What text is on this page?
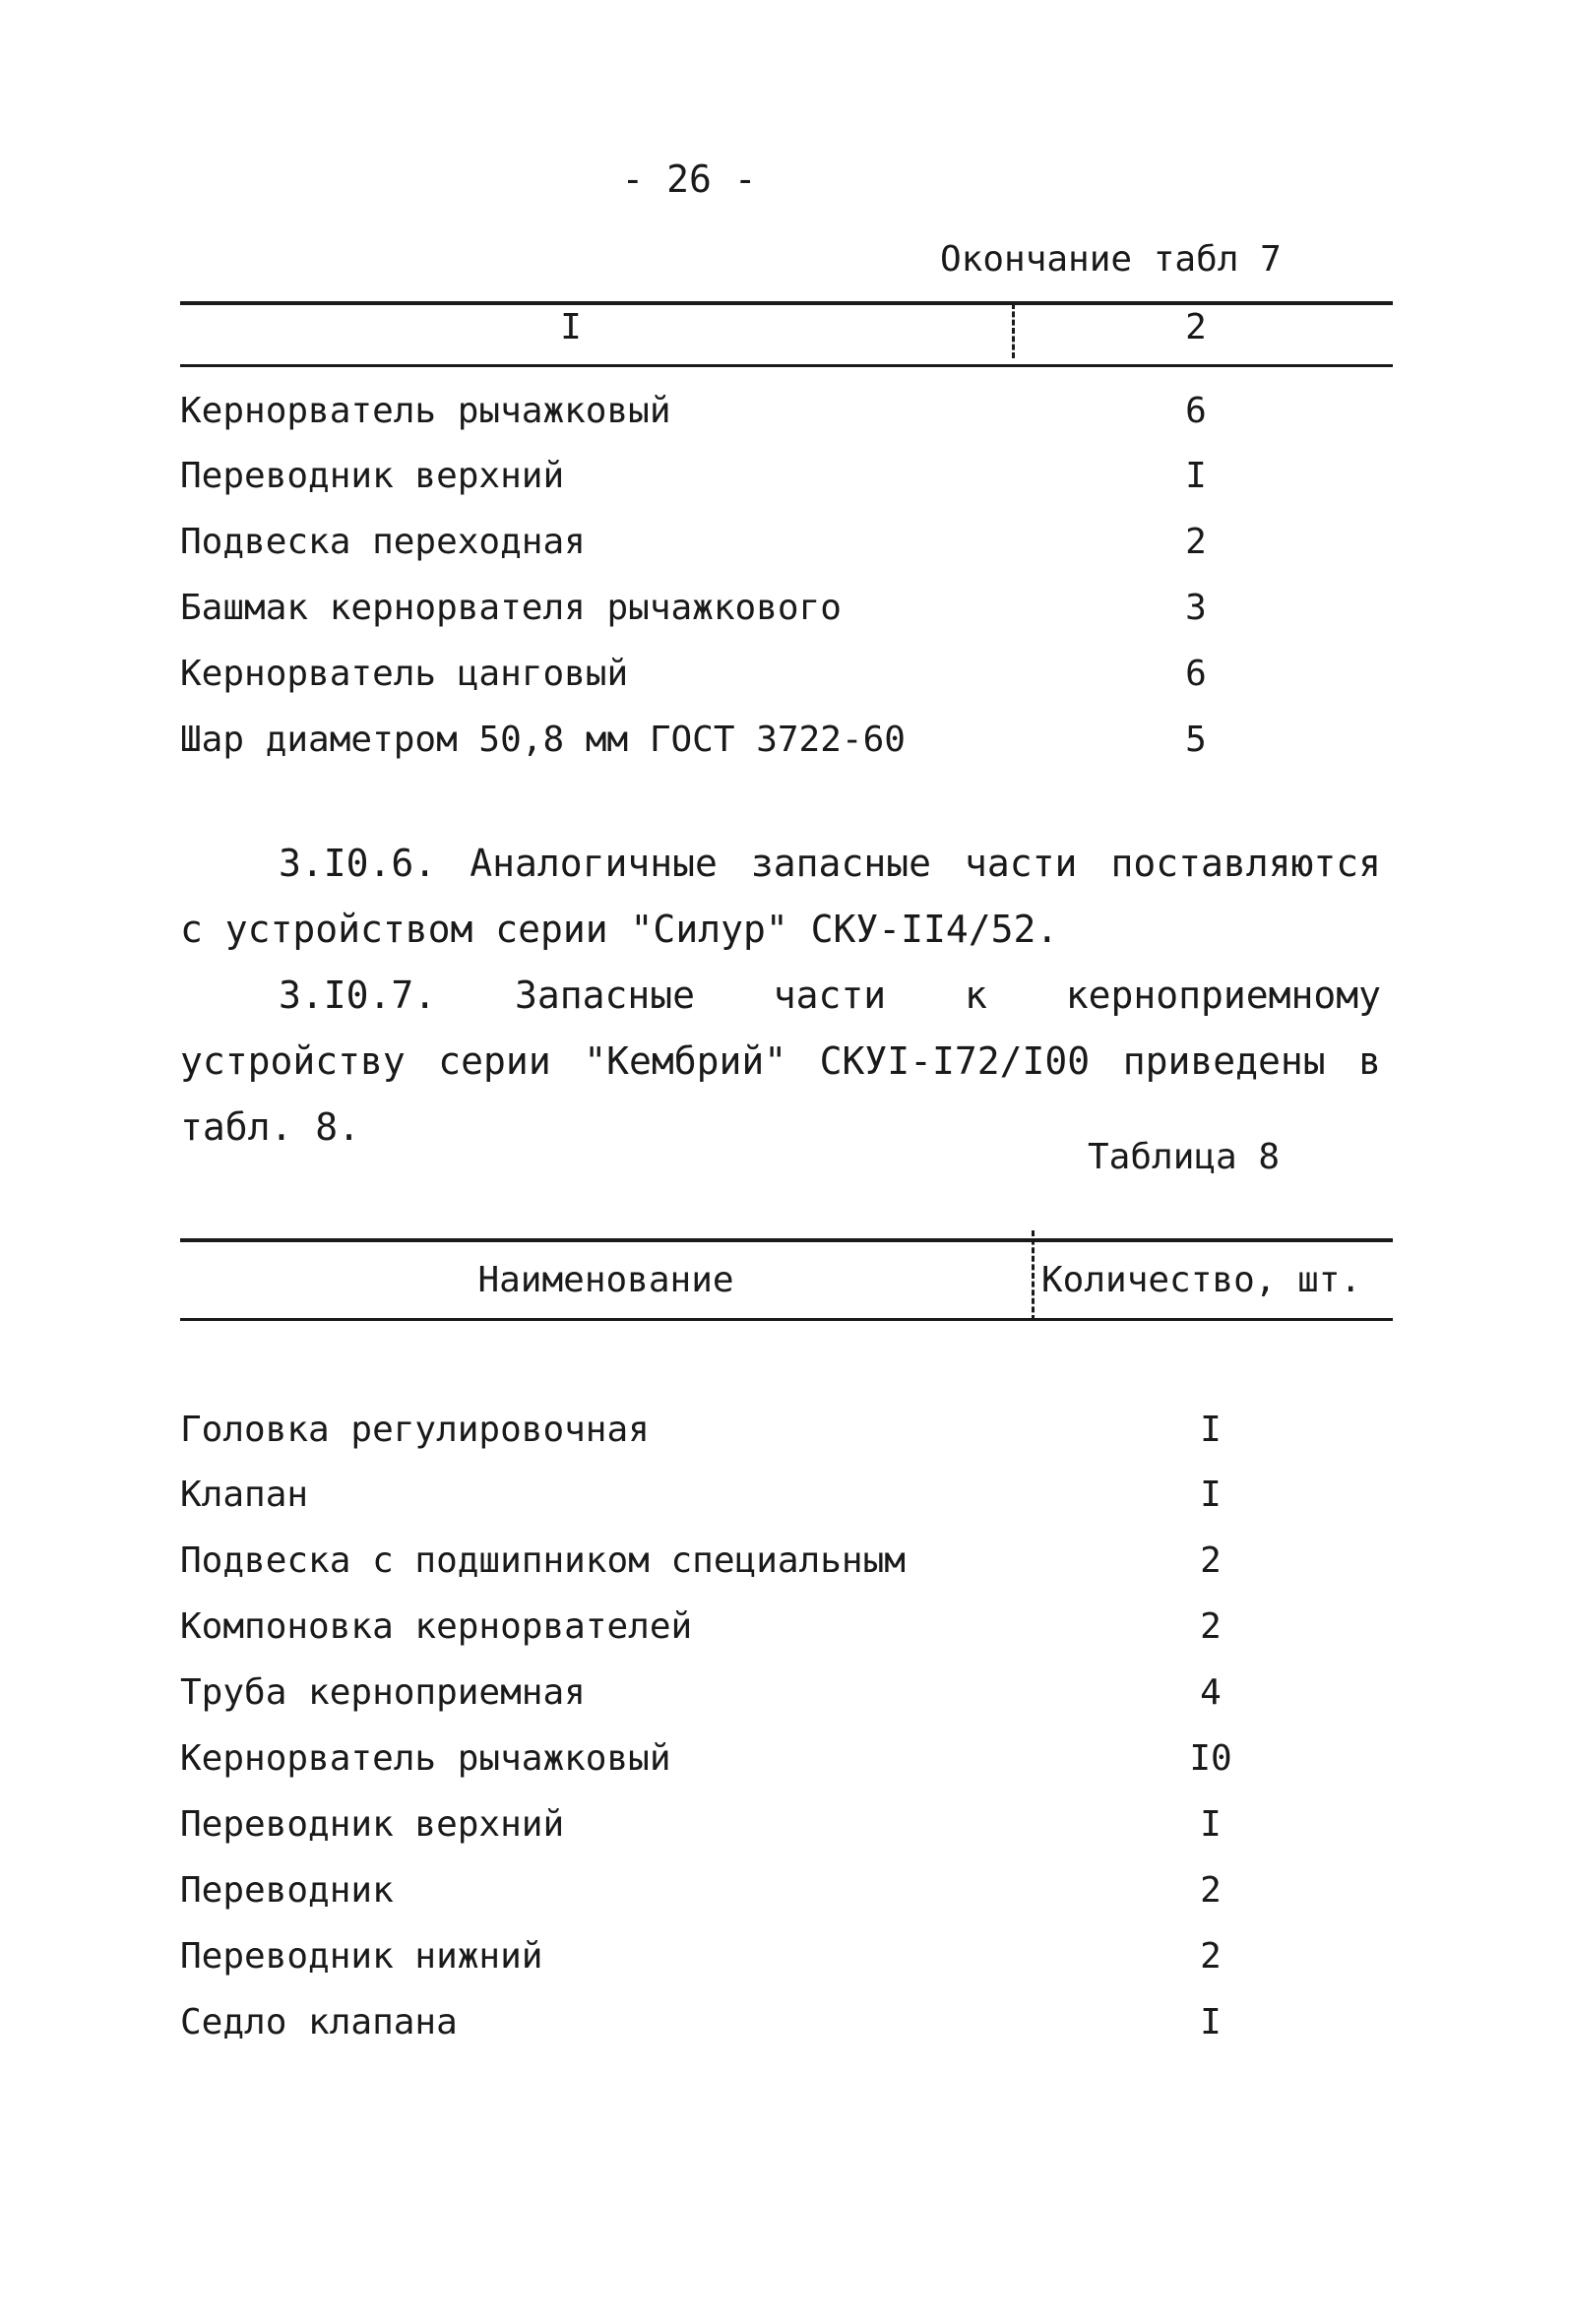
- 26 -
Окончание табл 7
I	2
Кернорватель рычажковый	6
Переводник верхний	I
Подвеска переходная	2
Башмак кернорвателя рычажкового	3
Кернорватель цанговый	6
Шар диаметром 50,8 мм ГОСТ 3722-60	5
3.I0.6. Аналогичные запасные части поставляются с устройством серии "Силур" СКУ-II4/52.
3.I0.7. Запасные части к керноприемному устройству серии "Кембрий" СКУI-I72/I00 приведены в табл. 8.
Таблица 8
Наименование	Количество, шт.
Головка регулировочная	I
Клапан	I
Подвеска с подшипником специальным	2
Компоновка кернорвателей	2
Труба керноприемная	4
Кернорватель рычажковый	I0
Переводник верхний	I
Переводник	2
Переводник нижний	2
Седло клапана	I
